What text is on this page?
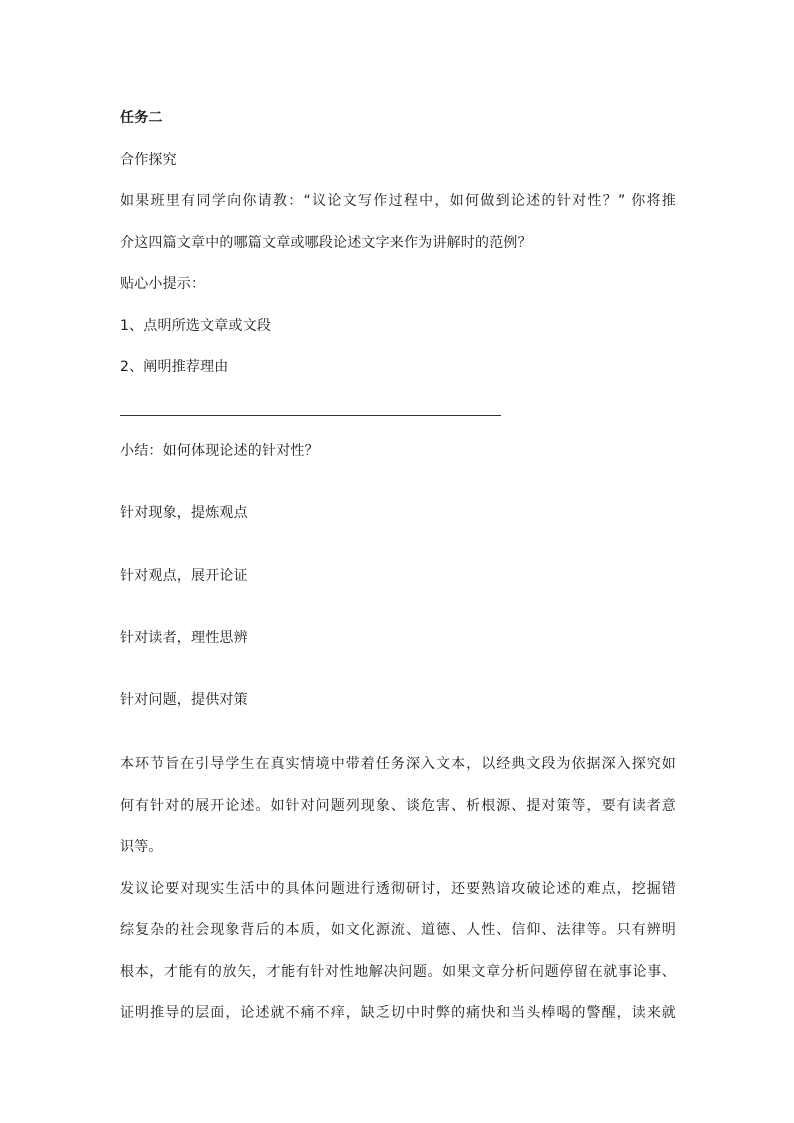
任务二
合作探究
如果班里有同学向你请教：“议论文写作过程中，如何做到论述的针对性？” 你将推
介这四篇文章中的哪篇文章或哪段论述文字来作为讲解时的范例？
贴心小提示：
1、点明所选文章或文段
2、阐明推荐理由
小结：如何体现论述的针对性？
针对现象，提炼观点
针对观点，展开论证
针对读者，理性思辨
针对问题，提供对策
本环节旨在引导学生在真实情境中带着任务深入文本，以经典文段为依据深入探究如
何有针对的展开论述。如针对问题列现象、谈危害、析根源、提对策等，要有读者意
识等。
发议论要对现实生活中的具体问题进行透彻研讨，还要熟谙攻破论述的难点，挖掘错
综复杂的社会现象背后的本质，如文化源流、道德、人性、信仰、法律等。只有辨明
根本，才能有的放矢，才能有针对性地解决问题。如果文章分析问题停留在就事论事、
证明推导的层面，论述就不痛不痒，缺乏切中时弊的痛快和当头棒喝的警醒，读来就
